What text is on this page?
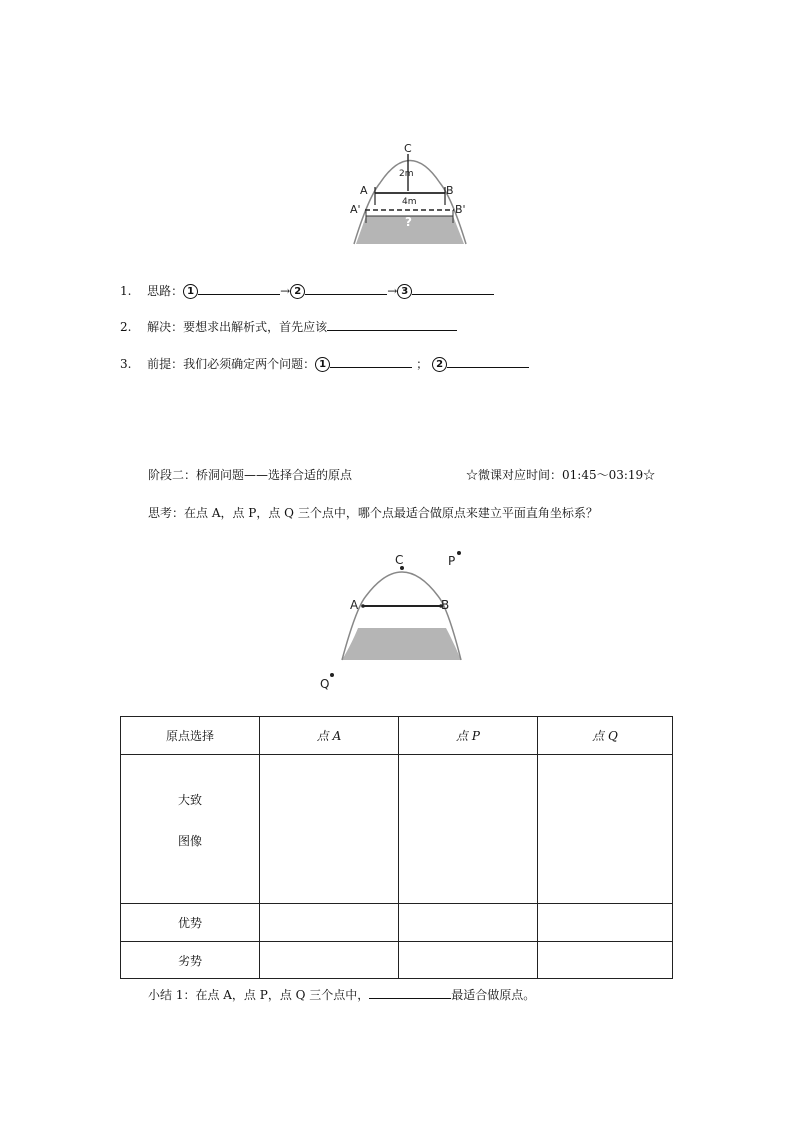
C
2m
A	B
4m
A'	B'
?
1. 思路： 1	→ 2	→ 3
2. 解决：要想求出解析式，首先应该
3. 前提：我们必须确定两个问题： 1	； 2
阶段二：桥洞问题——选择合适的原点	☆微课对应时间：01:45～03:19☆
思考：在点 A，点 P，点 Q 三个点中，哪个点最适合做原点来建立平面直角坐标系？
C	P
A	B
Q
原点选择	点 A	点 P	点 Q

大致
图像			

优势			
劣势			
小结 1：在点 A，点 P，点 Q 三个点中，	最适合做原点。
